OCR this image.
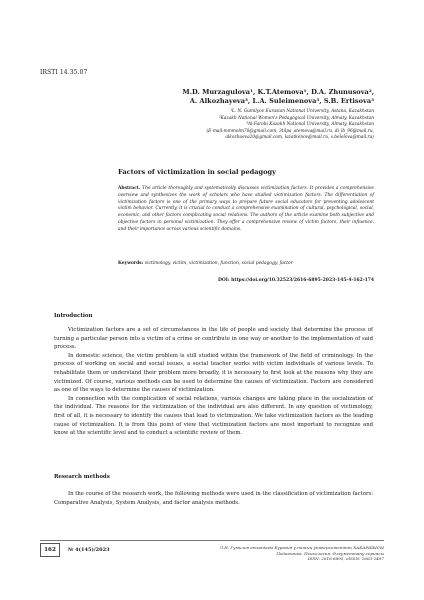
IRSTI 14.35.07
M.D. Murzagulova¹, K.T.Atemova¹, D.A. Zhunusova²,
A. Alkozhayeva³, L.A. Suleimenova³, S.B. Ertisova³
¹L. N. Gumilyov Eurasian National University, Astana, Kazakhstan
²Kazakh National Women's Pedagogical University, Almaty, Kazakhstan
³Al-Farabi Kazakh National University, Almaty, Kazakhstan
(E-mail:mmmolm70@gmail.com, 3tilpa_atemova@mail.ru, di_lb_96@mail.ru,
alkozhaeva20@gmail.com, lazatkenov@mail.ru, s.belelova@mail.ru)
Factors of victimization in social pedagogy
Abstract. The article thoroughly and systematically discusses victimization factors. It provides a comprehensive overview and synthesizes the work of scholars who have studied victimization factors. The differentiation of victimization factors is one of the primary ways to prepare future social educators for preventing adolescent victim behavior. Currently, it is crucial to conduct a comprehensive examination of cultural, psychological, social, economic, and other factors complicating social relations. The authors of the article examine both subjective and objective factors in personal victimization. They offer a comprehensive review of victim factors, their influence, and their importance across various scientific domains.
Keywords: victimology, victim, victimization, function, social pedagogy, factor
DOI: https://doi.org/10.32523/2616-6895-2023-145-4-162-174
Introduction

Victimization factors are a set of circumstances in the life of people and society that determine the process of turning a particular person into a victim of a crime or contribute in one way or another to the implementation of said process.

In domestic science, the victim problem is still studied within the framework of the field of criminology. In the process of working on social and social issues, a social teacher works with victim individuals of various levels. To rehabilitate them or understand their problem more broadly, it is necessary to first look at the reasons why they are victimized. Of course, various methods can be used to determine the causes of victimization. Factors are considered as one of the ways to determine the causes of victimization.

In connection with the complication of social relations, various changes are taking place in the socialization of the individual. The reasons for the victimization of the individual are also different. In any question of victimology, first of all, it is necessary to identify the causes that lead to victimization. We take victimization factors as the leading cause of victimization. It is from this point of view that victimization factors are most important to recognize and know at the scientific level and to conduct a scientific review of them.

Research methods

In the course of the research work, the following methods were used in the classification of victimization factors: Comparative Analysis, System Analysis, and factor analysis methods.

162	№ 4(145)/2023	Л.Н. Гумилев атындағы Еуразия ұлттық университетінің ХАБАРШЫСЫ
Педагогика. Психология. Әлеуметтану сериясы
ISSN: 2616-6895, eISSN: 2663-2497
